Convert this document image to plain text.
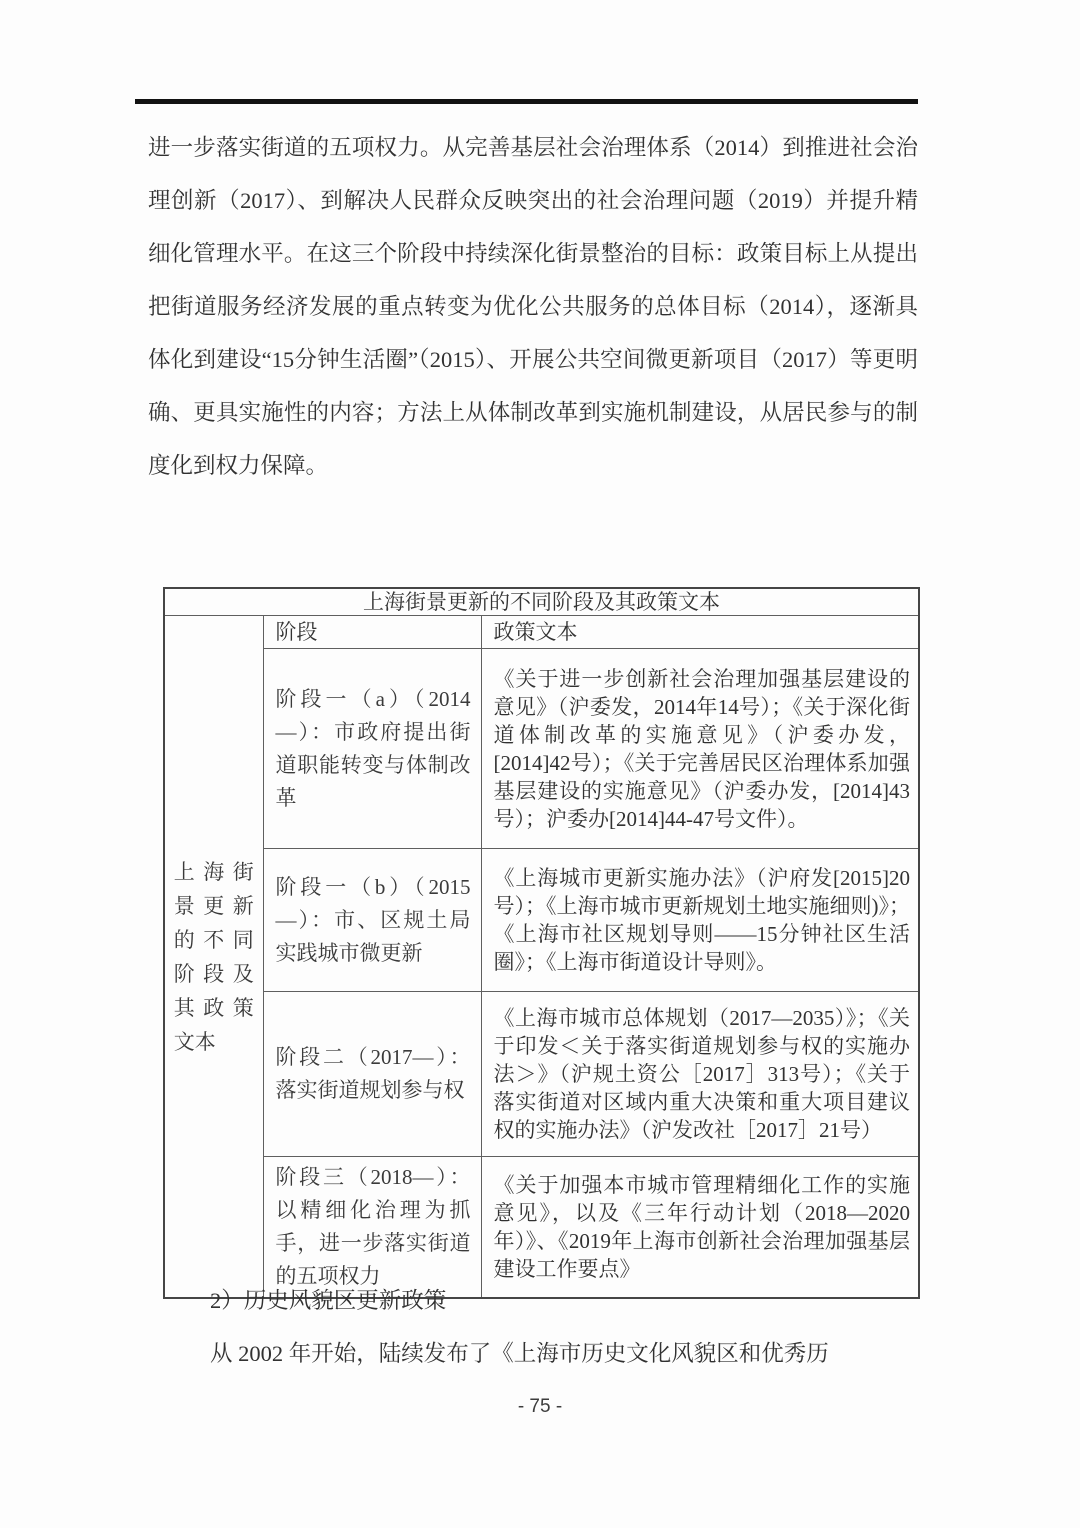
进一步落实街道的五项权力。从完善基层社会治理体系（2014）到推进社会治理创新（2017）、到解决人民群众反映突出的社会治理问题（2019）并提升精细化管理水平。在这三个阶段中持续深化街景整治的目标：政策目标上从提出把街道服务经济发展的重点转变为优化公共服务的总体目标（2014），逐渐具体化到建设“15分钟生活圈”（2015）、开展公共空间微更新项目（2017）等更明确、更具实施性的内容；方法上从体制改革到实施机制建设，从居民参与的制度化到权力保障。

上海街景更新的不同阶段及其政策文本		

上海街景更新的不同阶段及其政策文本	阶段	政策文本
	阶段一（a）（2014—）：市政府提出街道职能转变与体制改革	《关于进一步创新社会治理加强基层建设的意见》（沪委发，2014年14号）；《关于深化街道体制改革的实施意见》（沪委办发，[2014]42号）；《关于完善居民区治理体系加强基层建设的实施意见》（沪委办发，[2014]43号）；沪委办[2014]44-47号文件）。
	阶段一（b）（2015—）：市、区规土局实践城市微更新	《上海城市更新实施办法》（沪府发[2015]20号）；《上海市城市更新规划土地实施细则)》；《上海市社区规划导则——15分钟社区生活圈》；《上海市街道设计导则》。
	阶段二（2017—）：落实街道规划参与权	《上海市城市总体规划（2017—2035）》；《关于印发＜关于落实街道规划参与权的实施办法＞》（沪规土资公［2017］313号）；《关于落实街道对区域内重大决策和重大项目建议权的实施办法》（沪发改社［2017］21号）
	阶段三（2018—）：以精细化治理为抓手，进一步落实街道的五项权力	《关于加强本市城市管理精细化工作的实施意见》，以及《三年行动计划（2018—2020年）》、《2019年上海市创新社会治理加强基层建设工作要点》

2）历史风貌区更新政策

从 2002 年开始，陆续发布了《上海市历史文化风貌区和优秀历

- 75 -
